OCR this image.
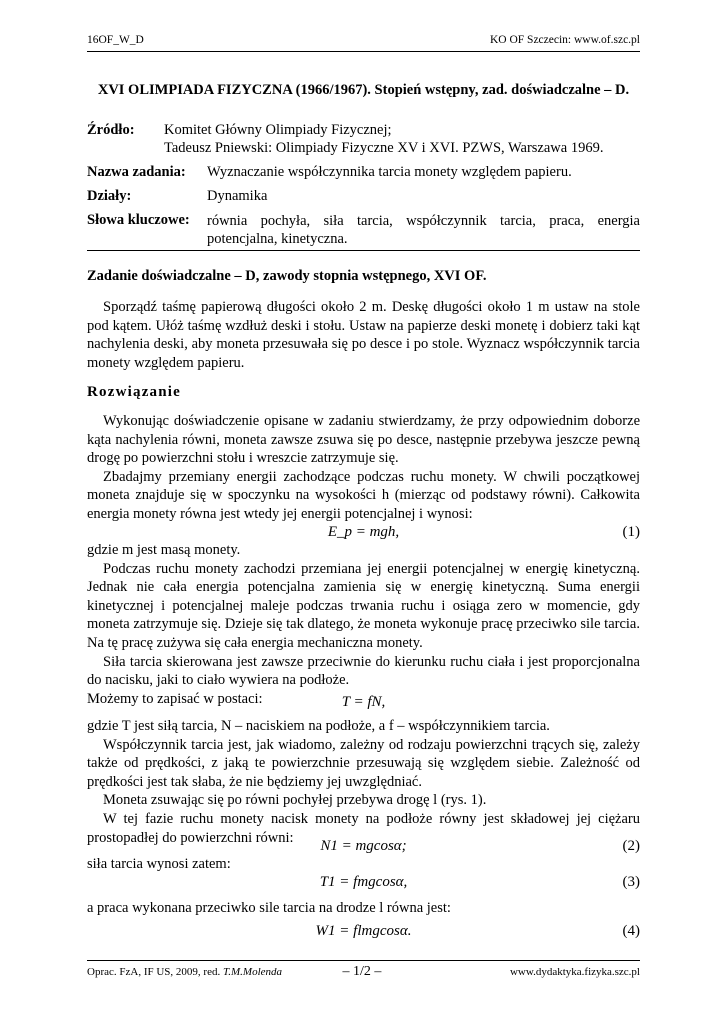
16OF_W_D	KO OF Szczecin: www.of.szc.pl
XVI OLIMPIADA FIZYCZNA (1966/1967). Stopień wstępny, zad. doświadczalne – D.
Źródło: Komitet Główny Olimpiady Fizycznej;
Tadeusz Pniewski: Olimpiady Fizyczne XV i XVI. PZWS, Warszawa 1969.
Nazwa zadania: Wyznaczanie współczynnika tarcia monety względem papieru.
Działy:	Dynamika
Słowa kluczowe: równia pochyła, siła tarcia, współczynnik tarcia, praca, energia potencjalna, kinetyczna.
Zadanie doświadczalne – D, zawody stopnia wstępnego, XVI OF.

Sporządź taśmę papierową długości około 2 m. Deskę długości około 1 m ustaw na stole pod kątem. Ułóż taśmę wzdłuż deski i stołu. Ustaw na papierze deski monetę i dobierz taki kąt nachylenia deski, aby moneta przesuwała się po desce i po stole. Wyznacz współczynnik tarcia monety względem papieru.

Rozwiązanie

Wykonując doświadczenie opisane w zadaniu stwierdzamy, że przy odpowiednim doborze kąta nachylenia równi, moneta zawsze zsuwa się po desce, następnie przebywa jeszcze pewną drogę po powierzchni stołu i wreszcie zatrzymuje się.

Zbadajmy przemiany energii zachodzące podczas ruchu monety. W chwili początkowej moneta znajduje się w spoczynku na wysokości h (mierząc od podstawy równi). Całkowita energia monety równa jest wtedy jej energii potencjalnej i wynosi:

E_p = mgh,	(1)

gdzie m jest masą monety.

Podczas ruchu monety zachodzi przemiana jej energii potencjalnej w energię kinetyczną. Jednak nie cała energia potencjalna zamienia się w energię kinetyczną. Suma energii kinetycznej i potencjalnej maleje podczas trwania ruchu i osiąga zero w momencie, gdy moneta zatrzymuje się. Dzieje się tak dlatego, że moneta wykonuje pracę przeciwko sile tarcia. Na tę pracę zużywa się cała energia mechaniczna monety.

Siła tarcia skierowana jest zawsze przeciwnie do kierunku ruchu ciała i jest proporcjonalna do nacisku, jaki to ciało wywiera na podłoże.

Możemy to zapisać w postaci:	T = fN,

gdzie T jest siłą tarcia, N – naciskiem na podłoże, a f – współczynnikiem tarcia.

Współczynnik tarcia jest, jak wiadomo, zależny od rodzaju powierzchni trących się, zależy także od prędkości, z jaką te powierzchnie przesuwają się względem siebie. Zależność od prędkości jest tak słaba, że nie będziemy jej uwzględniać.

Moneta zsuwając się po równi pochyłej przebywa drogę l (rys. 1).

W tej fazie ruchu monety nacisk monety na podłoże równy jest składowej jej ciężaru prostopadłej do powierzchni równi:

N1 = mgcosα;	(2)

siła tarcia wynosi zatem:

T1 = fmgcosα,	(3)

a praca wykonana przeciwko sile tarcia na drodze l równa jest:

W1 = flmgcosα.	(4)
Oprac. FzA, IF US, 2009, red. T.M.Molenda	– 1/2 –	www.dydaktyka.fizyka.szc.pl
